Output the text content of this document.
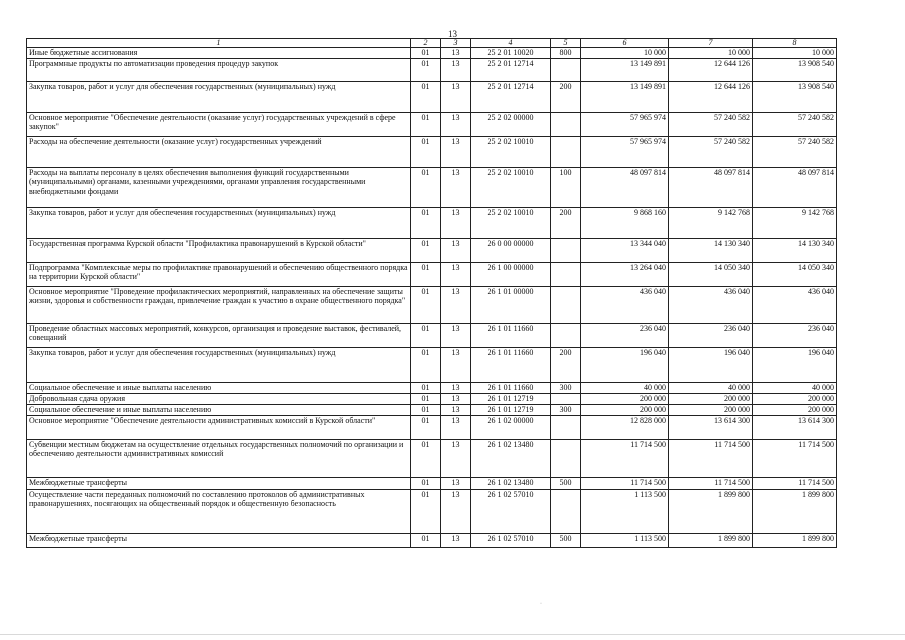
13
1	2	3	4	5	6	7	8
Иные бюджетные ассигнования	01	13	25 2 01 10020	800	10 000	10 000	10 000
Программные продукты по автоматизации проведения процедур закупок	01	13	25 2 01 12714		13 149 891	12 644 126	13 908 540
Закупка товаров, работ и услуг для обеспечения государственных (муниципальных) нужд	01	13	25 2 01 12714	200	13 149 891	12 644 126	13 908 540
Основное мероприятие "Обеспечение деятельности (оказание услуг) государственных учреждений в сфере закупок"	01	13	25 2 02 00000		57 965 974	57 240 582	57 240 582
Расходы на обеспечение деятельности (оказание услуг) государственных учреждений	01	13	25 2 02 10010		57 965 974	57 240 582	57 240 582
Расходы на выплаты персоналу в целях обеспечения выполнения функций государственными (муниципальными) органами, казенными учреждениями, органами управления государственными внебюджетными фондами	01	13	25 2 02 10010	100	48 097 814	48 097 814	48 097 814
Закупка товаров, работ и услуг для обеспечения государственных (муниципальных) нужд	01	13	25 2 02 10010	200	9 868 160	9 142 768	9 142 768
Государственная программа Курской области "Профилактика правонарушений в Курской области"	01	13	26 0 00 00000		13 344 040	14 130 340	14 130 340
Подпрограмма "Комплексные меры по профилактике правонарушений и обеспечению общественного порядка на территории Курской области"	01	13	26 1 00 00000		13 264 040	14 050 340	14 050 340
Основное мероприятие "Проведение профилактических мероприятий, направленных на обеспечение защиты жизни, здоровья и собственности граждан, привлечение граждан к участию в охране общественного порядка"	01	13	26 1 01 00000		436 040	436 040	436 040
Проведение областных массовых мероприятий, конкурсов, организация и проведение выставок, фестивалей, совещаний	01	13	26 1 01 11660		236 040	236 040	236 040
Закупка товаров, работ и услуг для обеспечения государственных (муниципальных) нужд	01	13	26 1 01 11660	200	196 040	196 040	196 040
Социальное обеспечение и иные выплаты населению	01	13	26 1 01 11660	300	40 000	40 000	40 000
Добровольная сдача оружия	01	13	26 1 01 12719		200 000	200 000	200 000
Социальное обеспечение и иные выплаты населению	01	13	26 1 01 12719	300	200 000	200 000	200 000
Основное мероприятие "Обеспечение деятельности административных комиссий в Курской области"	01	13	26 1 02 00000		12 828 000	13 614 300	13 614 300
Субвенции местным бюджетам на осуществление отдельных государственных полномочий по организации и обеспечению деятельности административных комиссий	01	13	26 1 02 13480		11 714 500	11 714 500	11 714 500
Межбюджетные трансферты	01	13	26 1 02 13480	500	11 714 500	11 714 500	11 714 500
Осуществление части переданных полномочий по составлению протоколов об административных правонарушениях, посягающих на общественный порядок и общественную безопасность	01	13	26 1 02 57010		1 113 500	1 899 800	1 899 800
Межбюджетные трансферты	01	13	26 1 02 57010	500	1 113 500	1 899 800	1 899 800
·
